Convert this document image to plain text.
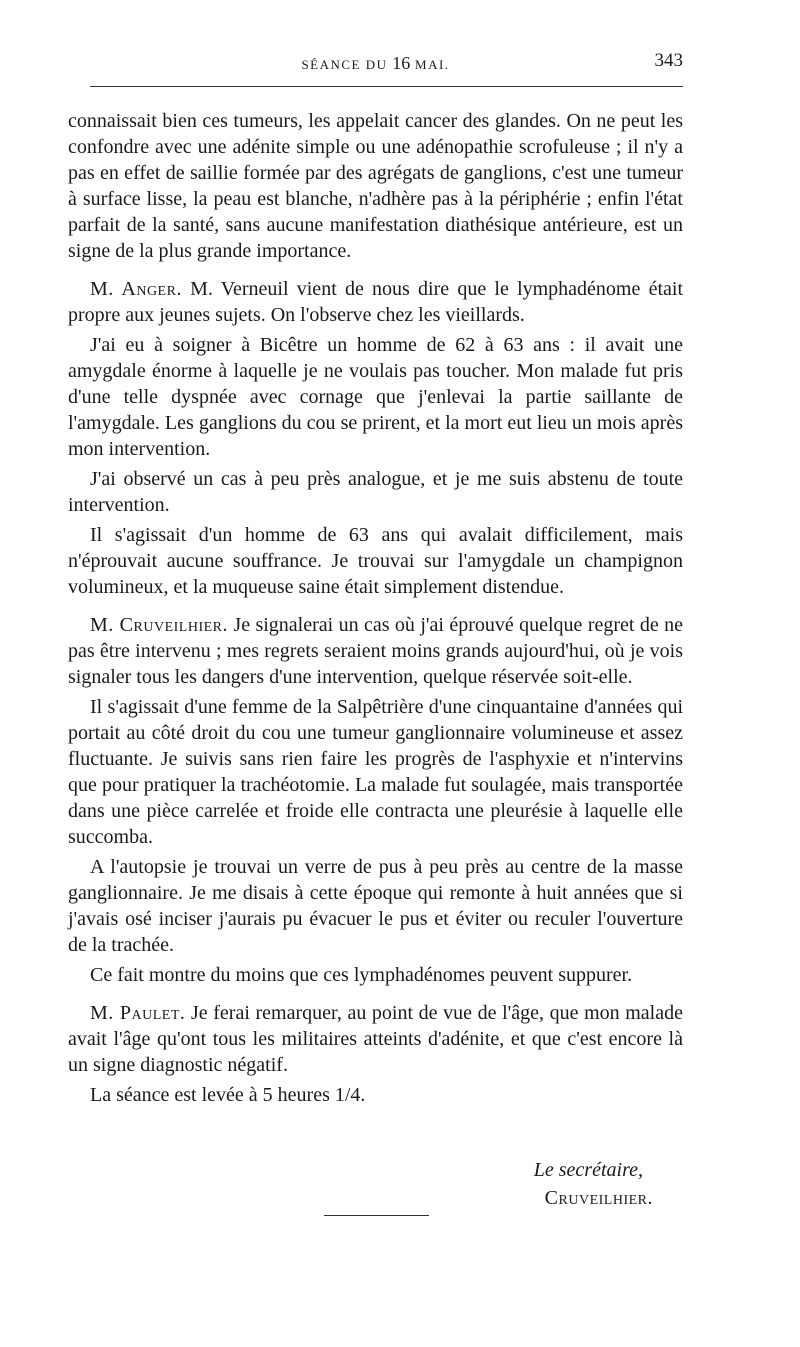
SÉANCE DU 16 MAI.	343

connaissait bien ces tumeurs, les appelait cancer des glandes. On ne peut les confondre avec une adénite simple ou une adénopathie scrofuleuse ; il n'y a pas en effet de saillie formée par des agrégats de ganglions, c'est une tumeur à surface lisse, la peau est blanche, n'adhère pas à la périphérie ; enfin l'état parfait de la santé, sans aucune manifestation diathésique antérieure, est un signe de la plus grande importance.

M. Anger. M. Verneuil vient de nous dire que le lymphadénome était propre aux jeunes sujets. On l'observe chez les vieillards.

J'ai eu à soigner à Bicêtre un homme de 62 à 63 ans : il avait une amygdale énorme à laquelle je ne voulais pas toucher. Mon malade fut pris d'une telle dyspnée avec cornage que j'enlevai la partie saillante de l'amygdale. Les ganglions du cou se prirent, et la mort eut lieu un mois après mon intervention.

J'ai observé un cas à peu près analogue, et je me suis abstenu de toute intervention.

Il s'agissait d'un homme de 63 ans qui avalait difficilement, mais n'éprouvait aucune souffrance. Je trouvai sur l'amygdale un champignon volumineux, et la muqueuse saine était simplement distendue.

M. Cruveilhier. Je signalerai un cas où j'ai éprouvé quelque regret de ne pas être intervenu ; mes regrets seraient moins grands aujourd'hui, où je vois signaler tous les dangers d'une intervention, quelque réservée soit-elle.

Il s'agissait d'une femme de la Salpêtrière d'une cinquantaine d'années qui portait au côté droit du cou une tumeur ganglionnaire volumineuse et assez fluctuante. Je suivis sans rien faire les progrès de l'asphyxie et n'intervins que pour pratiquer la trachéotomie. La malade fut soulagée, mais transportée dans une pièce carrelée et froide elle contracta une pleurésie à laquelle elle succomba.

A l'autopsie je trouvai un verre de pus à peu près au centre de la masse ganglionnaire. Je me disais à cette époque qui remonte à huit années que si j'avais osé inciser j'aurais pu évacuer le pus et éviter ou reculer l'ouverture de la trachée.

Ce fait montre du moins que ces lymphadénomes peuvent suppurer.

M. Paulet. Je ferai remarquer, au point de vue de l'âge, que mon malade avait l'âge qu'ont tous les militaires atteints d'adénite, et que c'est encore là un signe diagnostic négatif.

La séance est levée à 5 heures 1/4.

Le secrétaire,
Cruveilhier.
